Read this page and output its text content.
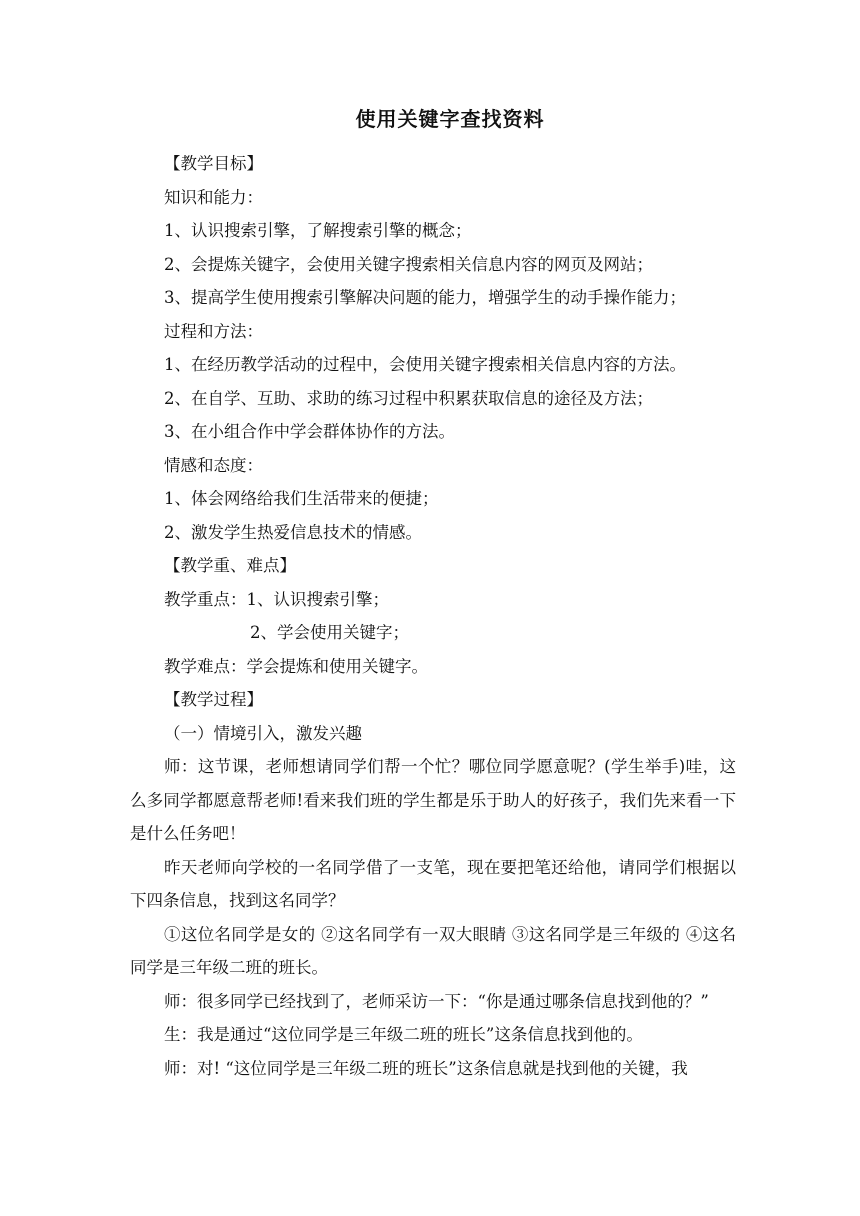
使用关键字查找资料
【教学目标】
知识和能力：
1、认识搜索引擎，了解搜索引擎的概念；
2、会提炼关键字，会使用关键字搜索相关信息内容的网页及网站；
3、提高学生使用搜索引擎解决问题的能力，增强学生的动手操作能力；
过程和方法：
1、在经历教学活动的过程中，会使用关键字搜索相关信息内容的方法。
2、在自学、互助、求助的练习过程中积累获取信息的途径及方法；
3、在小组合作中学会群体协作的方法。
情感和态度：
1、体会网络给我们生活带来的便捷；
2、激发学生热爱信息技术的情感。
【教学重、难点】
教学重点：1、认识搜索引擎；
2、学会使用关键字；
教学难点：学会提炼和使用关键字。
【教学过程】
（一）情境引入，激发兴趣
师：这节课，老师想请同学们帮一个忙？哪位同学愿意呢？(学生举手)哇，这么多同学都愿意帮老师!看来我们班的学生都是乐于助人的好孩子，我们先来看一下是什么任务吧！
昨天老师向学校的一名同学借了一支笔，现在要把笔还给他，请同学们根据以下四条信息，找到这名同学？
①这位名同学是女的 ②这名同学有一双大眼睛 ③这名同学是三年级的 ④这名同学是三年级二班的班长。
师：很多同学已经找到了，老师采访一下：“你是通过哪条信息找到他的？”
生：我是通过“这位同学是三年级二班的班长”这条信息找到他的。
师：对! “这位同学是三年级二班的班长”这条信息就是找到他的关键，我
